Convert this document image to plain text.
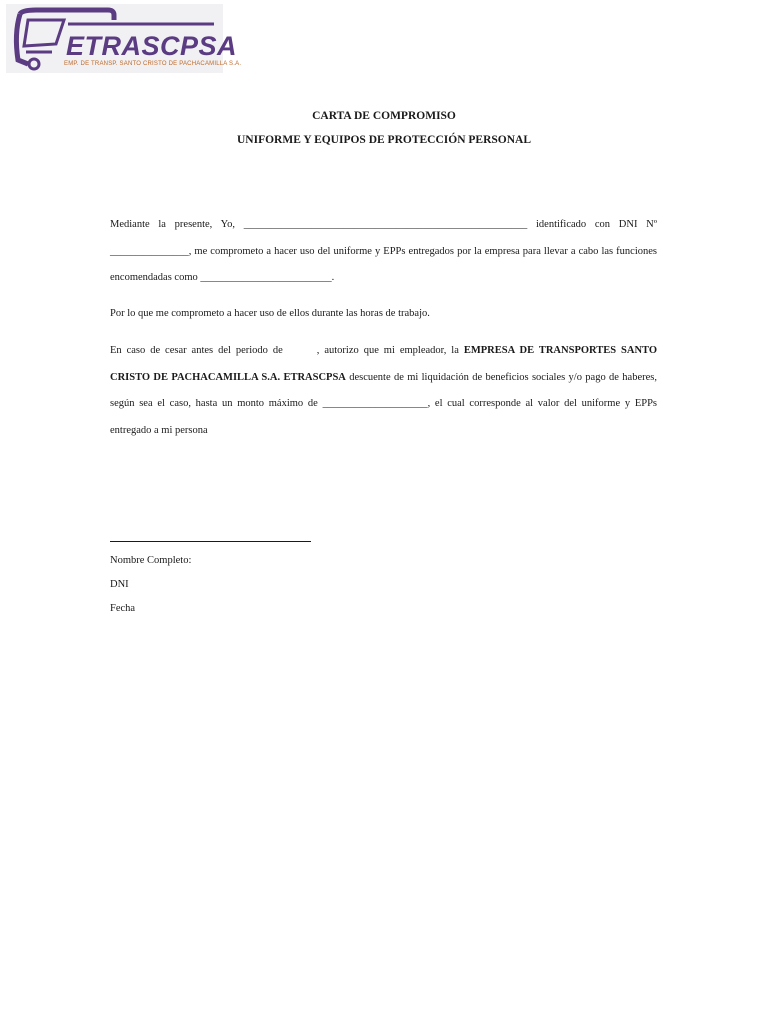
ETRASCPSA
EMP. DE TRANSP. SANTO CRISTO DE PACHACAMILLA S.A.
CARTA DE COMPROMISO
UNIFORME Y EQUIPOS DE PROTECCIÓN PERSONAL

Mediante la presente, Yo, ______________________________________________________ identificado con DNI Nº _______________, me comprometo a hacer uso del uniforme y EPPs entregados por la empresa para llevar a cabo las funciones encomendadas como _________________________.

Por lo que me comprometo a hacer uso de ellos durante las horas de trabajo.

En caso de cesar antes del periodo de	, autorizo que mi empleador, la EMPRESA DE TRANSPORTES SANTO CRISTO DE PACHACAMILLA S.A. ETRASCPSA descuente de mi liquidación de beneficios sociales y/o pago de haberes, según sea el caso, hasta un monto máximo de ____________________, el cual corresponde al valor del uniforme y EPPs entregado a mi persona

Nombre Completo:

DNI

Fecha
